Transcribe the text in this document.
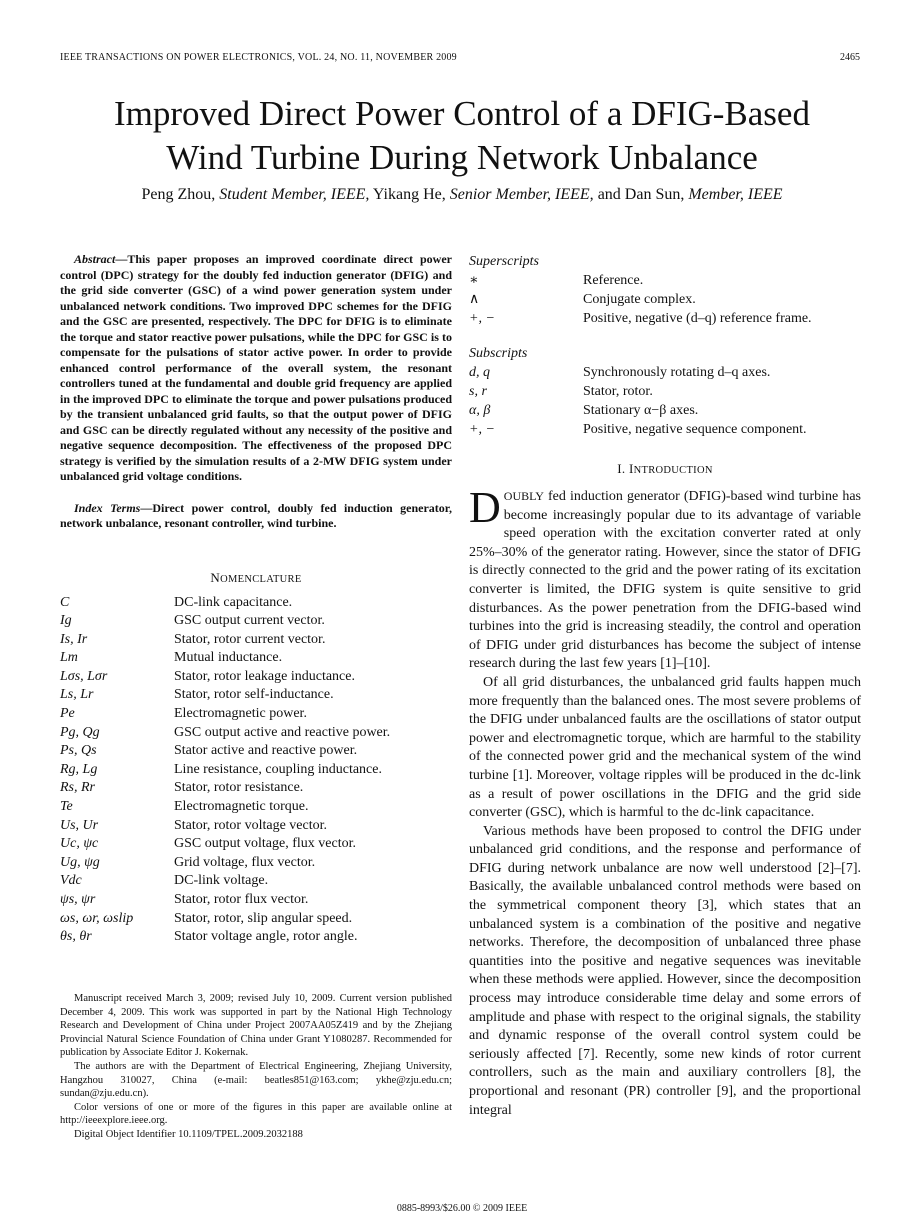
IEEE TRANSACTIONS ON POWER ELECTRONICS, VOL. 24, NO. 11, NOVEMBER 2009	2465
Improved Direct Power Control of a DFIG-Based
Wind Turbine During Network Unbalance
Peng Zhou, Student Member, IEEE, Yikang He, Senior Member, IEEE, and Dan Sun, Member, IEEE

Abstract—This paper proposes an improved coordinate direct power control (DPC) strategy for the doubly fed induction generator (DFIG) and the grid side converter (GSC) of a wind power generation system under unbalanced network conditions. Two improved DPC schemes for the DFIG and the GSC are presented, respectively. The DPC for DFIG is to eliminate the torque and stator reactive power pulsations, while the DPC for GSC is to compensate for the pulsations of stator active power. In order to provide enhanced control performance of the overall system, the resonant controllers tuned at the fundamental and double grid frequency are applied in the improved DPC to eliminate the torque and power pulsations produced by the transient unbalanced grid faults, so that the output power of DFIG and GSC can be directly regulated without any necessity of the positive and negative sequence decomposition. The effectiveness of the proposed DPC strategy is verified by the simulation results of a 2-MW DFIG system under unbalanced grid voltage conditions.

Index Terms—Direct power control, doubly fed induction generator, network unbalance, resonant controller, wind turbine.

NOMENCLATURE
C	DC-link capacitance.
Ig	GSC output current vector.
Is, Ir	Stator, rotor current vector.
Lm	Mutual inductance.
Lσs, Lσr	Stator, rotor leakage inductance.
Ls, Lr	Stator, rotor self-inductance.
Pe	Electromagnetic power.
Pg, Qg	GSC output active and reactive power.
Ps, Qs	Stator active and reactive power.
Rg, Lg	Line resistance, coupling inductance.
Rs, Rr	Stator, rotor resistance.
Te	Electromagnetic torque.
Us, Ur	Stator, rotor voltage vector.
Uc, ψc	GSC output voltage, flux vector.
Ug, ψg	Grid voltage, flux vector.
Vdc	DC-link voltage.
ψs, ψr	Stator, rotor flux vector.
ωs, ωr, ωslip	Stator, rotor, slip angular speed.
θs, θr	Stator voltage angle, rotor angle.

Manuscript received March 3, 2009; revised July 10, 2009. Current version published December 4, 2009. This work was supported in part by the National High Technology Research and Development of China under Project 2007AA05Z419 and by the Zhejiang Provincial Natural Science Foundation of China under Grant Y1080287. Recommended for publication by Associate Editor J. Kokernak.

The authors are with the Department of Electrical Engineering, Zhejiang University, Hangzhou 310027, China (e-mail: beatles851@163.com; ykhe@zju.edu.cn; sundan@zju.edu.cn).

Color versions of one or more of the figures in this paper are available online at http://ieeexplore.ieee.org.

Digital Object Identifier 10.1109/TPEL.2009.2032188

Superscripts
∗	Reference.
∧	Conjugate complex.
+, −	Positive, negative (d–q) reference frame.
Subscripts
d, q	Synchronously rotating d–q axes.
s, r	Stator, rotor.
α, β	Stationary α−β axes.
+, −	Positive, negative sequence component.
I. INTRODUCTION

DOUBLY fed induction generator (DFIG)-based wind turbine has become increasingly popular due to its advantage of variable speed operation with the excitation converter rated at only 25%–30% of the generator rating. However, since the stator of DFIG is directly connected to the grid and the power rating of its excitation converter is limited, the DFIG system is quite sensitive to grid disturbances. As the power penetration from the DFIG-based wind turbines into the grid is increasing steadily, the control and operation of DFIG under grid disturbances has become the subject of intense research during the last few years [1]–[10].

Of all grid disturbances, the unbalanced grid faults happen much more frequently than the balanced ones. The most severe problems of the DFIG under unbalanced faults are the oscillations of stator output power and electromagnetic torque, which are harmful to the stability of the connected power grid and the mechanical system of the wind turbine [1]. Moreover, voltage ripples will be produced in the dc-link as a result of power oscillations in the DFIG and the grid side converter (GSC), which is harmful to the dc-link capacitance.

Various methods have been proposed to control the DFIG under unbalanced grid conditions, and the response and performance of DFIG during network unbalance are now well understood [2]–[7]. Basically, the available unbalanced control methods were based on the symmetrical component theory [3], which states that an unbalanced system is a combination of the positive and negative networks. Therefore, the decomposition of unbalanced three phase quantities into the positive and negative sequences was inevitable when these methods were applied. However, since the decomposition process may introduce considerable time delay and some errors of amplitude and phase with respect to the original signals, the stability and dynamic response of the overall control system could be seriously affected [7]. Recently, some new kinds of rotor current controllers, such as the main and auxiliary controllers [8], the proportional and resonant (PR) controller [9], and the proportional integral

0885-8993/$26.00 © 2009 IEEE
